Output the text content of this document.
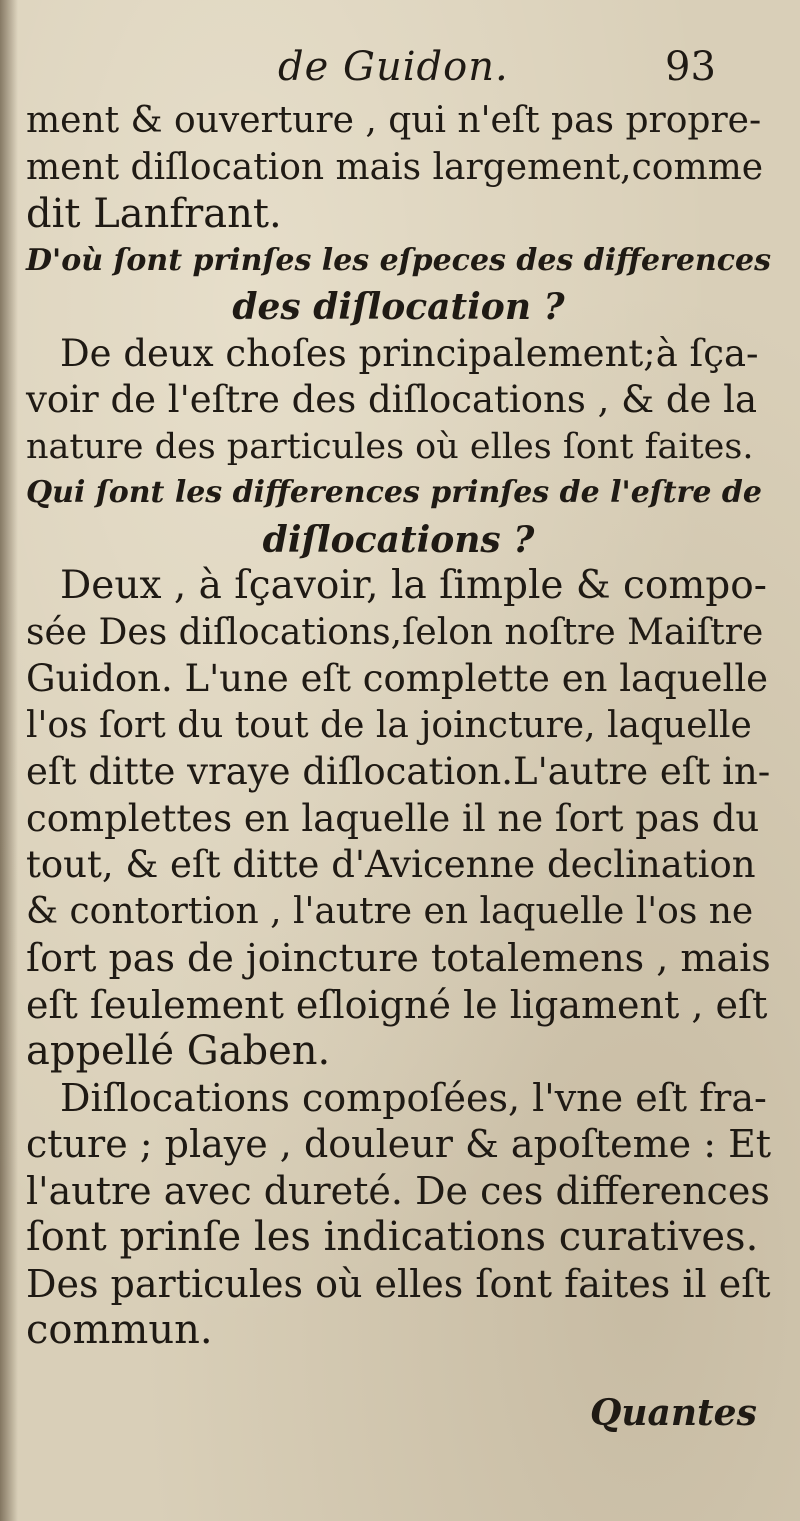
de Guidon.	93
ment & ouverture , qui n'eſt pas propre-
ment diſlocation mais largement,comme
dit Lanfrant.
D'où ſont prinſes les eſpeces des differences
des diſlocation ?
De deux choſes principalement;à ſça-
voir de l'eſtre des diſlocations , & de la
nature des particules où elles ſont faites.
Qui ſont les differences prinſes de l'eſtre de
diſlocations ?
Deux , à ſçavoir, la ſimple & compo-
sée Des diſlocations,ſelon noſtre Maiſtre
Guidon. L'une eſt complette en laquelle
l'os ſort du tout de la joincture, laquelle
eſt ditte vraye diſlocation.L'autre eſt in-
complettes en laquelle il ne ſort pas du
tout, & eſt ditte d'Avicenne declination
& contortion , l'autre en laquelle l'os ne
ſort pas de joincture totalemens , mais
eſt ſeulement eſloigné le ligament , eſt
appellé Gaben.
Diſlocations compoſées, l'vne eſt fra-
cture ; playe , douleur & apoſteme : Et
l'autre avec dureté. De ces differences
ſont prinſe les indications curatives.
Des particules où elles ſont faites il eſt
commun.
Quantes
